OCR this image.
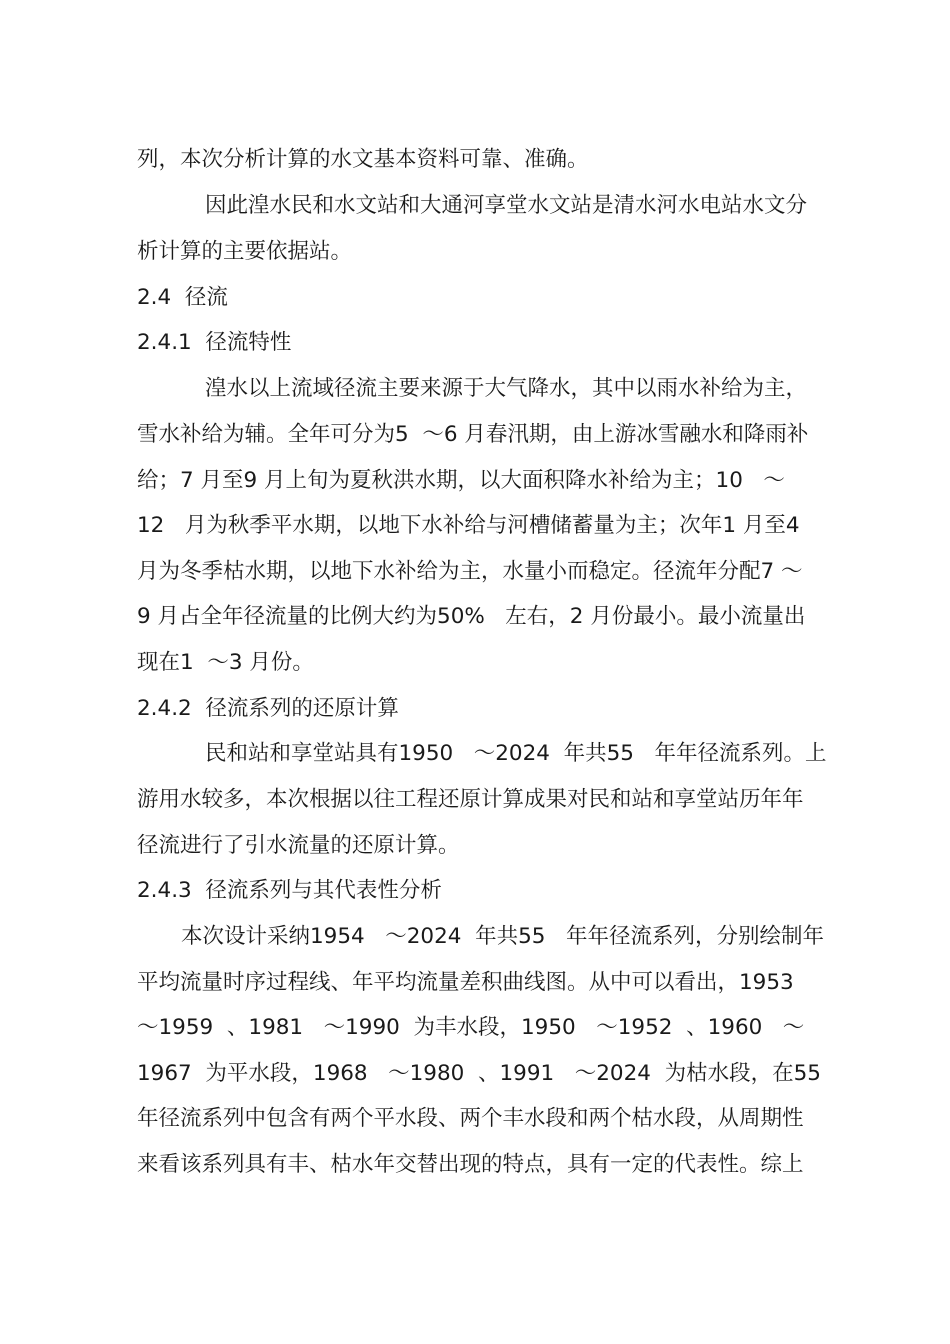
列，本次分析计算的水文基本资料可靠、准确。
因此湟水民和水文站和大通河享堂水文站是清水河水电站水文分
析计算的主要依据站。
2.4  径流
2.4.1  径流特性
湟水以上流域径流主要来源于大气降水，其中以雨水补给为主，
雪水补给为辅。全年可分为5  ～6 月春汛期，由上游冰雪融水和降雨补
给；7 月至9 月上旬为夏秋洪水期，以大面积降水补给为主；10   ～
12   月为秋季平水期，以地下水补给与河槽储蓄量为主；次年1 月至4
月为冬季枯水期，以地下水补给为主，水量小而稳定。径流年分配7 ～
9 月占全年径流量的比例大约为50%   左右，2 月份最小。最小流量出
现在1  ～3 月份。
2.4.2  径流系列的还原计算
民和站和享堂站具有1950   ～2024  年共55   年年径流系列。上
游用水较多，本次根据以往工程还原计算成果对民和站和享堂站历年年
径流进行了引水流量的还原计算。
2.4.3  径流系列与其代表性分析
本次设计采纳1954   ～2024  年共55   年年径流系列，分别绘制年
平均流量时序过程线、年平均流量差积曲线图。从中可以看出，1953
～1959  、1981   ～1990  为丰水段，1950   ～1952  、1960   ～
1967  为平水段，1968   ～1980  、1991   ～2024  为枯水段，在55
年径流系列中包含有两个平水段、两个丰水段和两个枯水段，从周期性
来看该系列具有丰、枯水年交替出现的特点，具有一定的代表性。综上
